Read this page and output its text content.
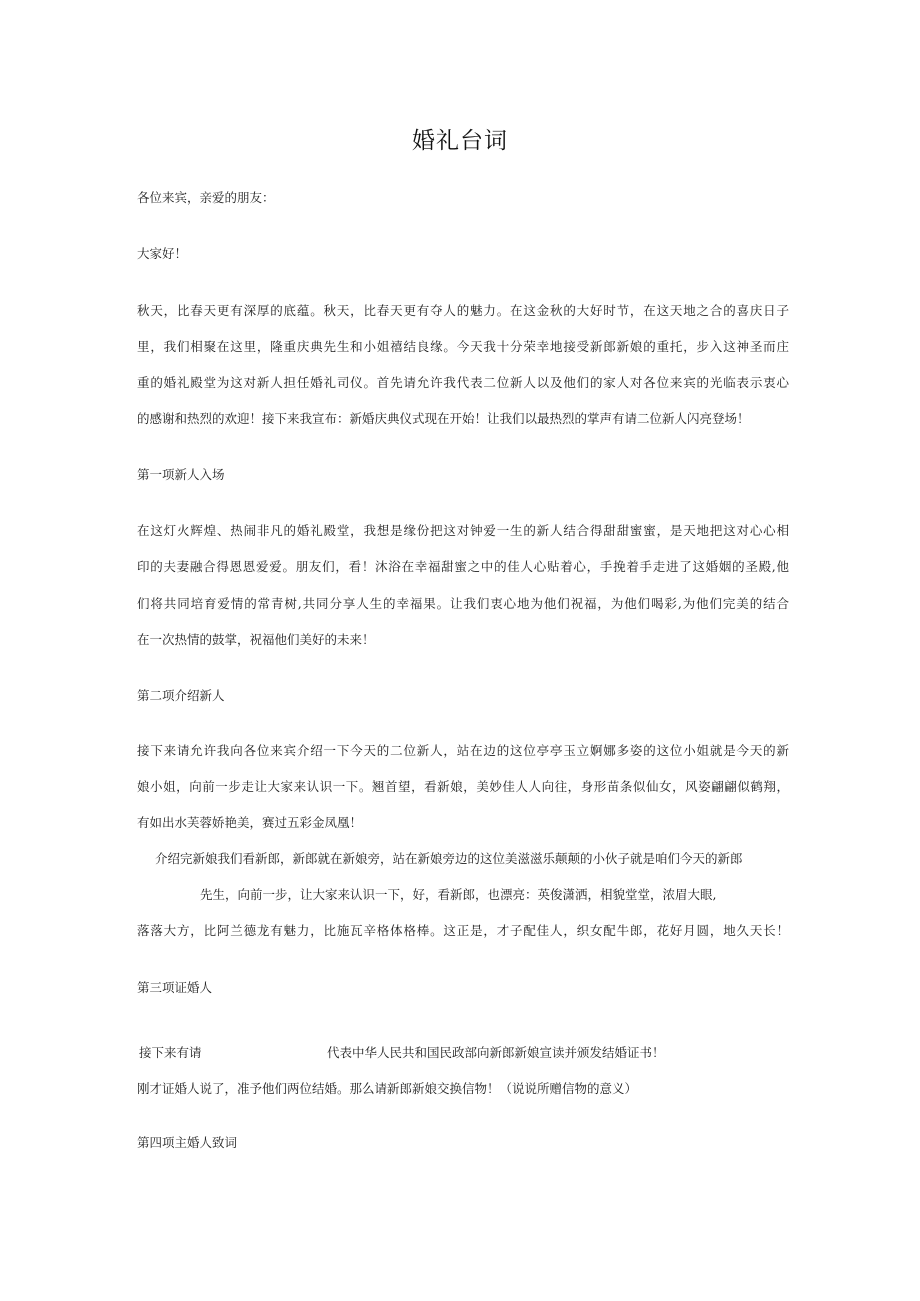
婚礼台词
各位来宾，亲爱的朋友：
大家好！
秋天，比春天更有深厚的底蕴。秋天，比春天更有夺人的魅力。在这金秋的大好时节，在这天地之合的喜庆日子
里，我们相聚在这里，隆重庆典先生和小姐禧结良缘。今天我十分荣幸地接受新郎新娘的重托，步入这神圣而庄
重的婚礼殿堂为这对新人担任婚礼司仪。首先请允许我代表二位新人以及他们的家人对各位来宾的光临表示衷心
的感谢和热烈的欢迎！接下来我宣布：新婚庆典仪式现在开始！让我们以最热烈的掌声有请二位新人闪亮登场！
第一项新人入场
在这灯火辉煌、热闹非凡的婚礼殿堂，我想是缘份把这对钟爱一生的新人结合得甜甜蜜蜜，是天地把这对心心相
印的夫妻融合得恩恩爱爱。朋友们，看！沐浴在幸福甜蜜之中的佳人心贴着心，手挽着手走进了这婚姻的圣殿,他
们将共同培育爱情的常青树,共同分享人生的幸福果。让我们衷心地为他们祝福，为他们喝彩,为他们完美的结合
在一次热情的鼓掌，祝福他们美好的未来！
第二项介绍新人
接下来请允许我向各位来宾介绍一下今天的二位新人，站在边的这位亭亭玉立婀娜多姿的这位小姐就是今天的新
娘小姐，向前一步走让大家来认识一下。翘首望，看新娘，美妙佳人人向往，身形苗条似仙女，风姿翩翩似鹤翔，
有如出水芙蓉娇艳美，赛过五彩金凤凰！
介绍完新娘我们看新郎，新郎就在新娘旁，站在新娘旁边的这位美滋滋乐颠颠的小伙子就是咱们今天的新郎
先生，向前一步，让大家来认识一下，好，看新郎，也漂亮：英俊潇洒，相貌堂堂，浓眉大眼,
落落大方，比阿兰德龙有魅力，比施瓦辛格体格棒。这正是，才子配佳人，织女配牛郎，花好月圆，地久天长！
第三项证婚人
接下来有请	代表中华人民共和国民政部向新郎新娘宣读并颁发结婚证书！
刚才证婚人说了，准予他们两位结婚。那么请新郎新娘交换信物！（说说所赠信物的意义）
第四项主婚人致词
